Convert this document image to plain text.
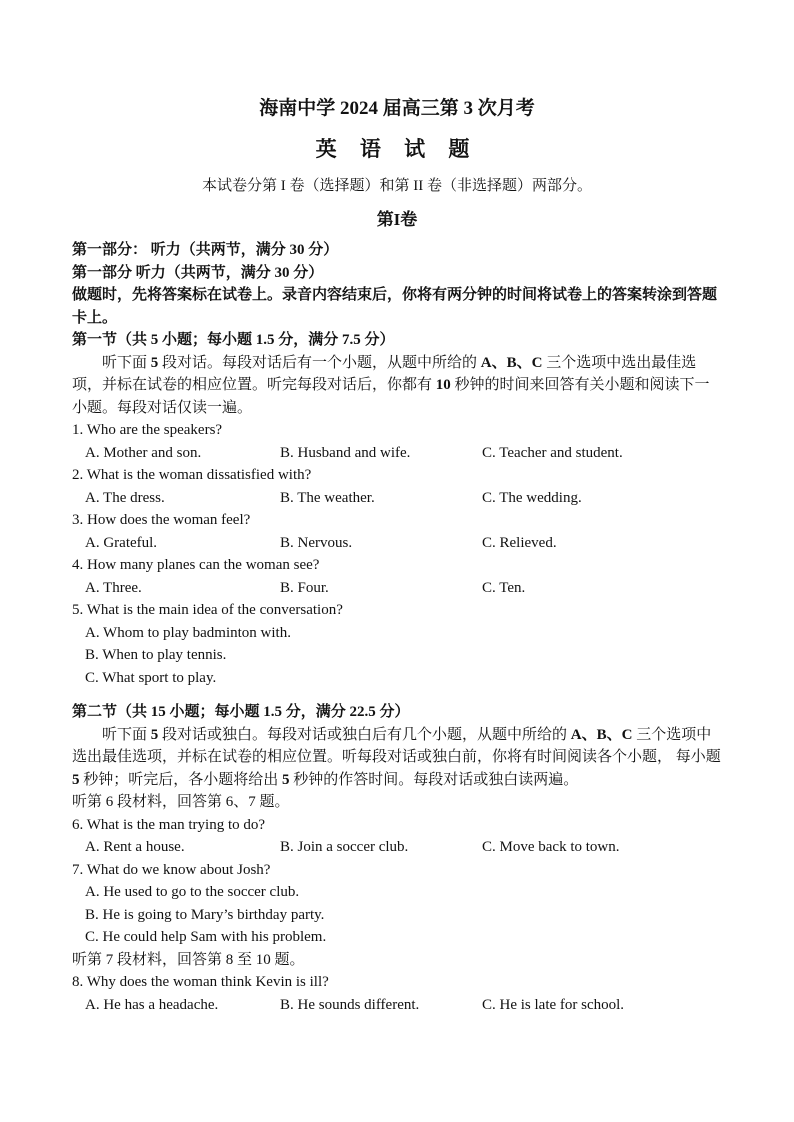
海南中学 2024 届高三第 3 次月考
英 语 试 题

本试卷分第 I 卷（选择题）和第 II 卷（非选择题）两部分。

第I卷

第一部分： 听力（共两节，满分 30 分）

第一部分 听力（共两节，满分 30 分）

做题时，先将答案标在试卷上。录音内容结束后，你将有两分钟的时间将试卷上的答案转涂到答题卡上。

第一节（共 5 小题；每小题 1.5 分，满分 7.5 分）

听下面 5 段对话。每段对话后有一个小题，从题中所给的 A、B、C 三个选项中选出最佳选项，并标在试卷的相应位置。听完每段对话后，你都有 10 秒钟的时间来回答有关小题和阅读下一小题。每段对话仅读一遍。

1. Who are the speakers?

A. Mother and son.	B. Husband and wife.	C. Teacher and student.

2. What is the woman dissatisfied with?

A. The dress.	B. The weather.	C. The wedding.

3. How does the woman feel?

A. Grateful.	B. Nervous.	C. Relieved.

4. How many planes can the woman see?

A. Three.	B. Four.	C. Ten.

5. What is the main idea of the conversation?

A. Whom to play badminton with.
B. When to play tennis.
C. What sport to play.

第二节（共 15 小题；每小题 1.5 分，满分 22.5 分）

听下面 5 段对话或独白。每段对话或独白后有几个小题，从题中所给的 A、B、C 三个选项中选出最佳选项，并标在试卷的相应位置。听每段对话或独白前，你将有时间阅读各个小题， 每小题 5 秒钟；听完后，各小题将给出 5 秒钟的作答时间。每段对话或独白读两遍。

听第 6 段材料，回答第 6、7 题。

6. What is the man trying to do?

A. Rent a house.	B. Join a soccer club.	C. Move back to town.

7. What do we know about Josh?

A. He used to go to the soccer club.
B. He is going to Mary’s birthday party.
C. He could help Sam with his problem.

听第 7 段材料，回答第 8 至 10 题。

8. Why does the woman think Kevin is ill?

A. He has a headache.	B. He sounds different.	C. He is late for school.
